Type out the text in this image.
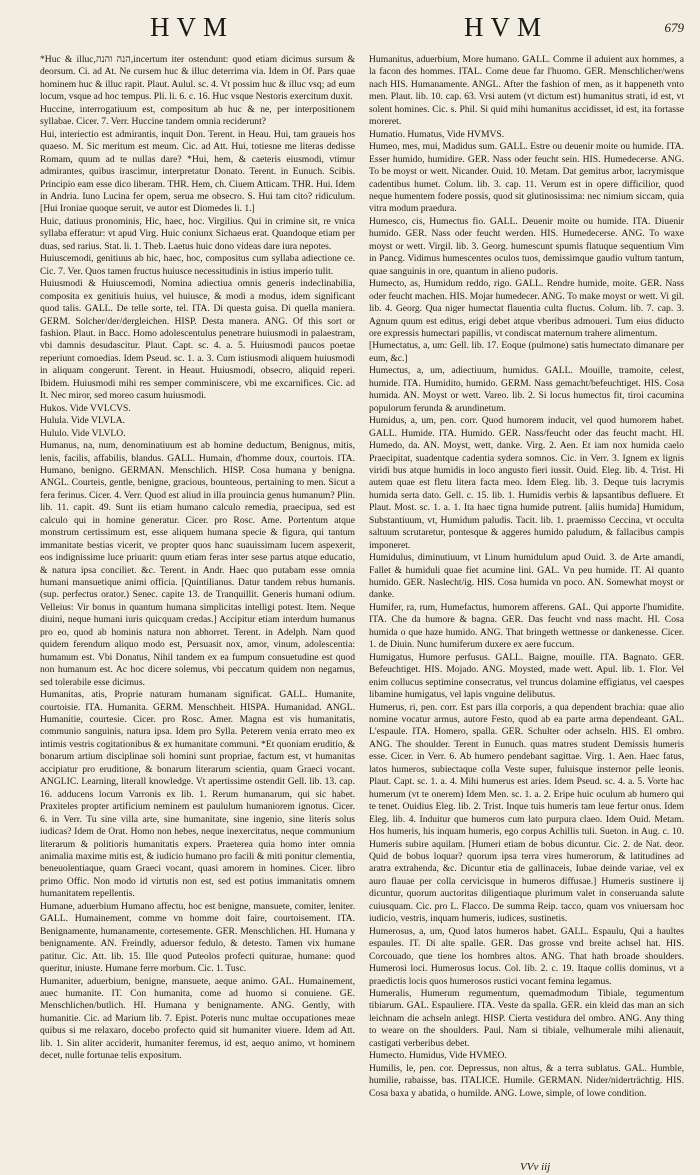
HVM	HVM	679

*Huc & illuc,הנה והנה,incertum iter ostendunt: quod etiam dicimus sursum & deorsum. Ci. ad At. Ne cursem huc & illuc deterrima via. Idem in Of. Pars quae hominem huc & illuc rapit. Plaut. Aulul. sc. 4. Vt possim huc & illuc vsq; ad eum locum, vsque ad hoc tempus. Pli. li. 6. c. 16. Huc vsque Nestoris exercitum duxit.

Huccine, interrogatiuum est, compositum ab huc & ne, per interpositionem syllabae. Cicer. 7. Verr. Huccine tandem omnia reciderunt?

Hui, interiectio est admirantis, inquit Don. Terent. in Heau. Hui, tam graueis hos quaeso. M. Sic meritum est meum. Cic. ad Att. Hui, totiesne me literas dedisse Romam, quum ad te nullas dare? *Hui, hem, & caeteris eiusmodi, vtimur admirantes, quibus irascimur, interpretatur Donato. Terent. in Eunuch. Scibis. Principio eam esse dico liberam. THR. Hem, ch. Ciuem Atticam. THR. Hui. Idem in Andria. Iuno Lucina fer opem, serua me obsecro. S. Hui tam cito? ridiculum. [Hui Ironiae quoque seruit, ve autor est Diomedes li. 1.]

Huic, datiuus pronominis, Hic, haec, hoc. Virgilius. Qui in crimine sit, re vnica syllaba efferatur: vt apud Virg. Huic coniunx Sichaeus erat. Quandoque etiam per duas, sed rarius. Stat. li. 1. Theb. Laetus huic dono videas dare iura nepotes.

Huiuscemodi, genitiuus ab hic, haec, hoc, compositus cum syllaba adiectione ce. Cic. 7. Ver. Quos tamen fructus huiusce necessitudinis in istius imperio tulit.

Huiusmodi & Huiuscemodi, Nomina adiectiua omnis generis indeclinabilia, composita ex genitiuis huius, vel huiusce, & modi a modus, idem significant quod talis. GALL. De telle sorte, tel. ITA. Di questa guisa. Di quella maniera. GERM. Solcher/der/dergleichen. HISP. Desta manera. ANG. Of this sort or fashion. Plaut. in Bacc. Homo adolescentulus penetrare huiusmodi in palaestram, vbi damnis desudascitur. Plaut. Capt. sc. 4. a. 5. Huiusmodi paucos poetae reperiunt comoedias. Idem Pseud. sc. 1. a. 3. Cum istiusmodi aliquem huiusmodi in aliquam congerunt. Terent. in Heaut. Huiusmodi, obsecro, aliquid reperi. Ibidem. Huiusmodi mihi res semper comminiscere, vbi me excarnifices. Cic. ad It. Nec miror, sed moreo casum huiusmodi.

Hukos. Vide VVLCVS.

Hulula. Vide VLVLA.

Hululo. Vide VLVLO.

Humanus, na, num, denominatiuum est ab homine deductum, Benignus, mitis, lenis, facilis, affabilis, blandus. GALL. Humain, d'homme doux, courtois. ITA. Humano, benigno. GERMAN. Menschlich. HISP. Cosa humana y benigna. ANGL. Courteis, gentle, benigne, gracious, bounteous, pertaining to men. Sicut a fera ferinus. Cicer. 4. Verr. Quod est aliud in illa prouincia genus humanum? Plin. lib. 11. capit. 49. Sunt iis etiam humano calculo remedia, praecipua, sed est calculo qui in homine generatur. Cicer. pro Rosc. Ame. Portentum atque monstrum certissimum est, esse aliquem humana specie & figura, qui tantum immanitate bestias vicerit, ve propter quos hanc suauissimam lucem aspexerit, eos indignissime luce priuarit: quum etiam feras inter sese partus atque educatio, & natura ipsa conciliet. &c. Terent. in Andr. Haec quo putabam esse omnia humani mansuetique animi officia. [Quintilianus. Datur tandem rebus humanis. (sup. perfectus orator.) Senec. capite 13. de Tranquillit. Generis humani odium. Velleius: Vir bonus in quantum humana simplicitas intelligi potest. Item. Neque diuini, neque humani iuris quicquam credas.] Accipitur etiam interdum humanus pro eo, quod ab hominis natura non abhorret. Terent. in Adelph. Nam quod quidem ferendum aliquo modo est, Persuasit nox, amor, vinum, adolescentia: humanum est. Vbi Donatus, Nihil tandem ex ea fumpum consuetudine est quod non humanum est. Ac hoc dicere solemus, vbi peccatum quidem non negamus, sed tolerabile esse dicimus.

Humanitas, atis, Proprie naturam humanam significat. GALL. Humanite, courtoisie. ITA. Humanita. GERM. Menschheit. HISPA. Humanidad. ANGL. Humanitie, courtesie. Cicer. pro Rosc. Amer. Magna est vis humanitatis, communio sanguinis, natura ipsa. Idem pro Sylla. Peterem venia errato meo ex intimis vestris cogitationibus & ex humanitate communi. *Et quoniam eruditio, & bonarum artium disciplinae soli homini sunt propriae, factum est, vt humanitas accipiatur pro eruditione, & bonarum literarum scientia, quam Graeci vocant. ANGLIC. Learning, literall knowledge. Vt apertissime ostendit Gell. lib. 13. cap. 16. adducens locum Varronis ex lib. 1. Rerum humanarum, qui sic habet. Praxiteles propter artificium neminem est paululum humaniorem ignotus. Cicer. 6. in Verr. Tu sine villa arte, sine humanitate, sine ingenio, sine literis solus iudicas? Idem de Orat. Homo non hebes, neque inexercitatus, neque communium literarum & politioris humanitatis expers. Praeterea quia homo inter omnia animalia maxime mitis est, & iudicio humano pro facili & miti ponitur clementia, beneuolentiaque, quam Graeci vocant, quasi amorem in homines. Cicer. libro primo Offic. Non modo id virtutis non est, sed est potius immanitatis omnem humanitatem repellentis.

Humane, aduerbium Humano affectu, hoc est benigne, mansuete, comiter, leniter. GALL. Humainement, comme vn homme doit faire, courtoisement. ITA. Benignamente, humanamente, cortesemente. GER. Menschlichen. HI. Humana y benignamente. AN. Freindly, aduersor fedulo, & detesto. Tamen vix humane patitur. Cic. Att. lib. 15. Ille quod Puteolos profecti quiturae, humane: quod queritur, iniuste. Humane ferre morbum. Cic. 1. Tusc.

Humaniter, aduerbium, benigne, mansuete, aeque animo. GAL. Humainement, auec humanite. IT. Con humanita, come ad huomo si conuiene. GE. Menschlichen/butlich. HI. Humana y benignamente. ANG. Gently, with humanitie. Cic. ad Marium lib. 7. Epist. Poteris nunc multae occupationes meae quibus si me relaxaro, docebo profecto quid sit humaniter viuere. Idem ad Att. lib. 1. Sin aliter acciderit, humaniter feremus, id est, aequo animo, vt hominem decet, nulle fortunae telis expositum.

Humanitus, aduerbium, More humano. GALL. Comme il aduient aux hommes, a la facon des hommes. ITAL. Come deue far l'huomo. GER. Menschlicher/wens nach HIS. Humanamente. ANGL. After the fashion of men, as it happeneth vnto men. Plaut. lib. 10. cap. 63. Vrsi autem (vt dictum est) humanitus strati, id est, vt solent homines. Cic. s. Phil. Si quid mihi humanitus accidisset, id est, ita fortasse moreret.

Humatio. Humatus, Vide HVMVS.

Humeo, mes, mui, Madidus sum. GALL. Estre ou deuenir moite ou humide. ITA. Esser humido, humidire. GER. Nass oder feucht sein. HIS. Humedecerse. ANG. To be moyst or wett. Nicander. Ouid. 10. Metam. Dat gemitus arbor, lacrymisque cadentibus humet. Colum. lib. 3. cap. 11. Verum est in opere difficilior, quod neque humentem fodere possis, quod sit glutinosissima: nec nimium siccam, quia vitra modum praedura.

Humesco, cis, Humectus fio. GALL. Deuenir moite ou humide. ITA. Diuenir humido. GER. Nass oder feucht werden. HIS. Humedecerse. ANG. To waxe moyst or wett. Virgil. lib. 3. Georg. humescunt spumis flatuque sequentium Vim in Pancg. Vidimus humescentes oculos tuos, demissimque gaudio vultum tantum, quae sanguinis in ore, quantum in alieno pudoris.

Humecto, as, Humidum reddo, rigo. GALL. Rendre humide, moite. GER. Nass oder feucht machen. HIS. Mojar humedecer. ANG. To make moyst or wett. Vi gil. lib. 4. Georg. Qua niger humectat flauentia culta fluctus. Colum. lib. 7. cap. 3. Agnum quum est editus, erigi debet atque vberibus admoueri. Tum eius diducto ore expressis humectari papillis, vt condiscat maternum trahere alimentum.

[Humectatus, a, um: Gell. lib. 17. Eoque (pulmone) satis humectato dimanare per eum, &c.]

Humectus, a, um, adiectiuum, humidus. GALL. Mouille, tramoite, celest, humide. ITA. Humidito, humido. GERM. Nass gemacht/befeuchtiget. HIS. Cosa humida. AN. Moyst or wett. Vareo. lib. 2. Si locus humectus fit, tiroi cacumina populorum ferunda & arundinetum.

Humidus, a, um, pen. corr. Quod humorem inducit, vel quod humorem habet. GALL. Humide. ITA. Humido. GER. Nass/feucht oder das feucht macht. HI. Humedo, da. AN. Moyst, wett, danke. Virg. 2. Aen. Et iam nox humida caelo Praecipitat, suadentque cadentia sydera somnos. Cic. in Verr. 3. Ignem ex lignis viridi bus atque humidis in loco angusto fieri iussit. Ouid. Eleg. lib. 4. Trist. Hi autem quae est fletu litera facta meo. Idem Eleg. lib. 3. Deque tuis lacrymis humida serta dato. Gell. c. 15. lib. 1. Humidis verbis & lapsantibus defluere. Et Plaut. Most. sc. 1. a. 1. Ita haec tigna humide putrent. [aliis humida] Humidum, Substantiuum, vt, Humidum paludis. Tacit. lib. 1. praemisso Ceccina, vt occulta saltuum scrutaretur, pontesque & aggeres humido paludum, & fallacibus campis imponeret.

Humidulus, diminutiuum, vt Linum humidulum apud Ouid. 3. de Arte amandi, Fallet & humiduli quae fiet acumine lini. GAL. Vn peu humide. IT. Al quanto humido. GER. Naslecht/ig. HIS. Cosa humida vn poco. AN. Somewhat moyst or danke.

Humifer, ra, rum, Humefactus, humorem afferens. GAL. Qui apporte l'humidite. ITA. Che da humore & bagna. GER. Das feucht vnd nass macht. HI. Cosa humida o que haze humido. ANG. That bringeth wettnesse or dankenesse. Cicer. 1. de Diuin. Nunc humiferum duxere ex aere fuccum.

Humigatus, Humore perfusus. GALL. Baigne, mouille. ITA. Bagnato. GER. Befeuchtiget. HIS. Mojado. ANG. Moysted, made wett. Apul. lib. 1. Flor. Vel enim collucus septimine consecratus, vel truncus dolamine effigiatus, vel caespes libamine humigatus, vel lapis vnguine delibutus.

Humerus, ri, pen. corr. Est pars illa corporis, a qua dependent brachia: quae alio nomine vocatur armus, autore Festo, quod ab ea parte arma dependeant. GAL. L'espaule. ITA. Homero, spalla. GER. Schulter oder achseln. HIS. El ombro. ANG. The shoulder. Terent in Eunuch. quas matres student Demissis humeris esse. Cicer. in Verr. 6. Ab humero pendebant sagittae. Virg. 1. Aen. Haec fatus, latos humeros, subiectaque colla Veste super, fuluisque insternor pelle leonis. Plaut. Capt. sc. 1. a. 4. Mihi humerus est aries. Idem Pseud. sc. 4. a. 5. Vorte hac humerum (vt te onerem) Idem Men. sc. 1. a. 2. Eripe huic oculum ab humero qui te tenet. Ouidius Eleg. lib. 2. Trist. Inque tuis humeris tam leue fertur onus. Idem Eleg. lib. 4. Induitur que humeros cum lato purpura claeo. Idem Ouid. Metam. Hos humeris, his inquam humeris, ego corpus Achillis tuli. Sueton. in Aug. c. 10. Humeris subire aquilam. [Humeri etiam de bobus dicuntur. Cic. 2. de Nat. deor. Quid de bobus loquar? quorum ipsa terra vires humerorum, & latitudines ad aratra extrahenda, &c. Dicuntur etia de gallinaceis, Iubae deinde variae, vel ex auro flauae per colla cervicisque in humeros diffusae.] Humeris sustinere ij dicuntur, quorum auctoritas diligentiaque plurimum valet in conseruanda salute cuiusquam. Cic. pro L. Flacco. De summa Reip. tacco, quam vos vniuersam hoc iudicio, vestris, inquam humeris, iudices, sustinetis.

Humerosus, a, um, Quod latos humeros habet. GALL. Espaulu, Qui a haultes espaules. IT. Di alte spalle. GER. Das grosse vnd breite achsel hat. HIS. Corcouado, que tiene los hombres altos. ANG. That hath broade shoulders. Humerosi loci. Humerosus locus. Col. lib. 2. c. 19. Itaque collis dominus, vt a praedictis locis quos humerosos rustici vocant femina legamus.

Humeralis, Humerum regumentum, quemadmodum Tibiale, tegumentum tibiarum. GAL. Espauliere. ITA. Veste da spalla. GER. ein kleid das man an sich leichnam die achseln anlegt. HISP. Cierta vestidura del ombro. ANG. Any thing to weare on the shoulders. Paul. Nam si tibiale, velhumerale mihi alienauit, castigati verberibus debet.

Humecto. Humidus, Vide HVMEO.

Humilis, le, pen. cor. Depressus, non altus, & a terra sublatus. GAL. Humble, humilie, rabaisse, bas. ITALICE. Humile. GERMAN. Nider/niderträchtig. HIS. Cosa baxa y abatida, o humilde. ANG. Lowe, simple, of lowe condition.

VVv iij
